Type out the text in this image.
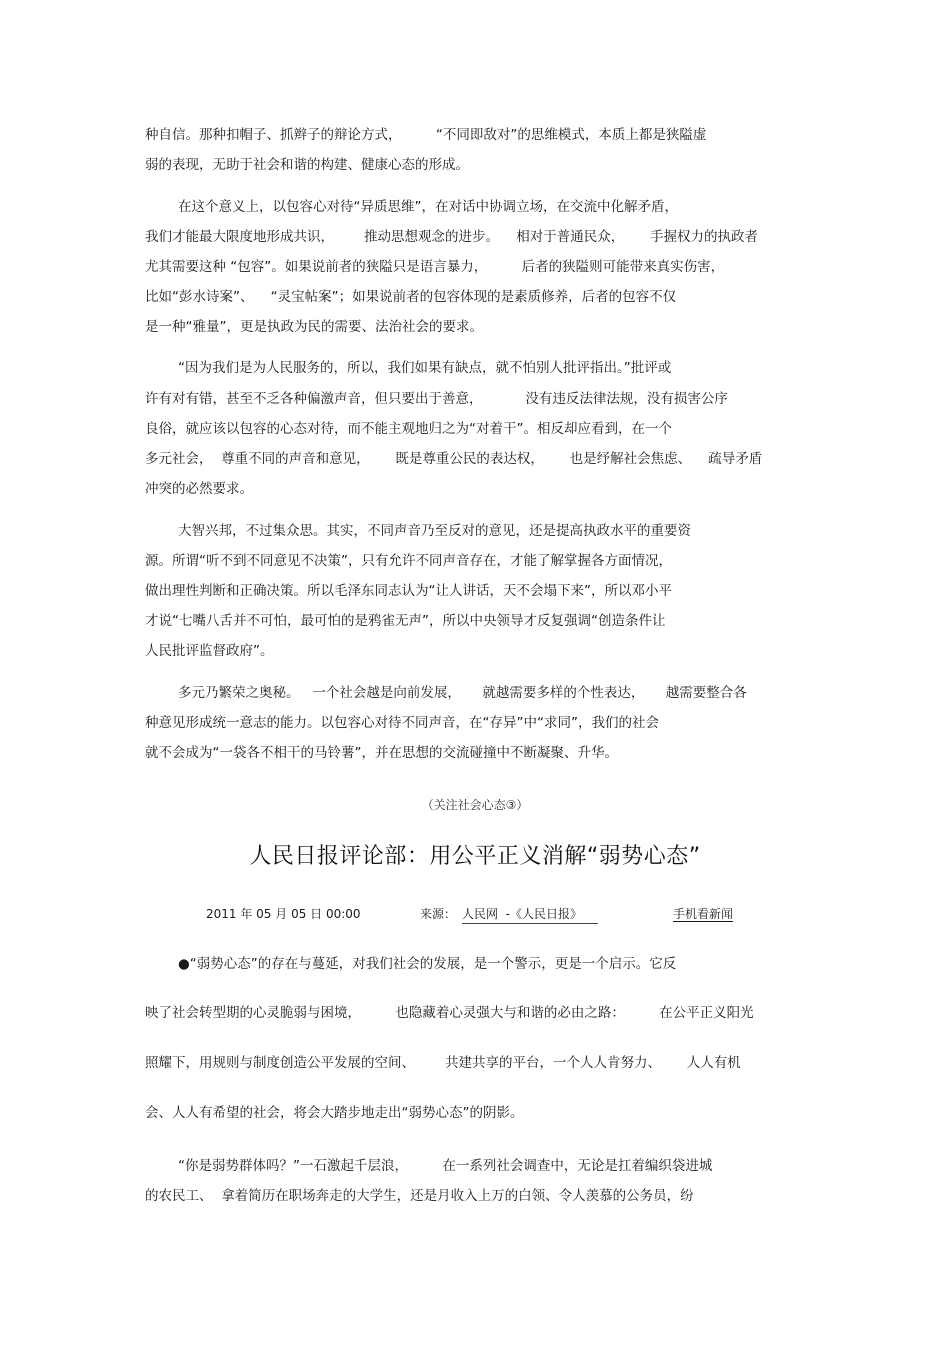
种自信。那种扣帽子、抓辫子的辩论方式，        “不同即敌对”的思维模式，本质上都是狭隘虚

弱的表现，无助于社会和谐的构建、健康心态的形成。

在这个意义上，以包容心对待“异质思维”，在对话中协调立场，在交流中化解矛盾，

我们才能最大限度地形成共识，       推动思想观念的进步。    相对于普通民众，      手握权力的执政者

尤其需要这种 “包容”。如果说前者的狭隘只是语言暴力，        后者的狭隘则可能带来真实伤害，

比如“彭水诗案”、    “灵宝帖案”；如果说前者的包容体现的是素质修养，后者的包容不仅

是一种“雅量”，更是执政为民的需要、法治社会的要求。

“因为我们是为人民服务的，所以，我们如果有缺点，就不怕别人批评指出。”批评或

许有对有错，甚至不乏各种偏激声音，但只要出于善意，          没有违反法律法规，没有损害公序

良俗，就应该以包容的心态对待，而不能主观地归之为“对着干”。相反却应看到，在一个

多元社会，  尊重不同的声音和意见，      既是尊重公民的表达权，      也是纾解社会焦虑、    疏导矛盾

冲突的必然要求。

大智兴邦，不过集众思。其实，不同声音乃至反对的意见，还是提高执政水平的重要资

源。所谓“听不到不同意见不决策”，只有允许不同声音存在，才能了解掌握各方面情况，

做出理性判断和正确决策。所以毛泽东同志认为“让人讲话，天不会塌下来”，所以邓小平

才说“七嘴八舌并不可怕，最可怕的是鸦雀无声”，所以中央领导才反复强调“创造条件让

人民批评监督政府”。

多元乃繁荣之奥秘。   一个社会越是向前发展，     就越需要多样的个性表达，     越需要整合各

种意见形成统一意志的能力。以包容心对待不同声音，在“存异”中“求同”，我们的社会

就不会成为“一袋各不相干的马铃薯”，并在思想的交流碰撞中不断凝聚、升华。

（关注社会心态③）
人民日报评论部：用公平正义消解“弱势心态”
2011 年 05 月 05 日 00:00	来源： 人民网  -《人民日报》	手机看新闻

●“弱势心态”的存在与蔓延，对我们社会的发展，是一个警示，更是一个启示。它反

映了社会转型期的心灵脆弱与困境，        也隐藏着心灵强大与和谐的必由之路：        在公平正义阳光

照耀下，用规则与制度创造公平发展的空间、       共建共享的平台，一个人人肯努力、      人人有机

会、人人有希望的社会，将会大踏步地走出“弱势心态”的阴影。

“你是弱势群体吗？”一石激起千层浪，        在一系列社会调查中，无论是扛着编织袋进城

的农民工、  拿着简历在职场奔走的大学生，还是月收入上万的白领、令人羡慕的公务员，纷
